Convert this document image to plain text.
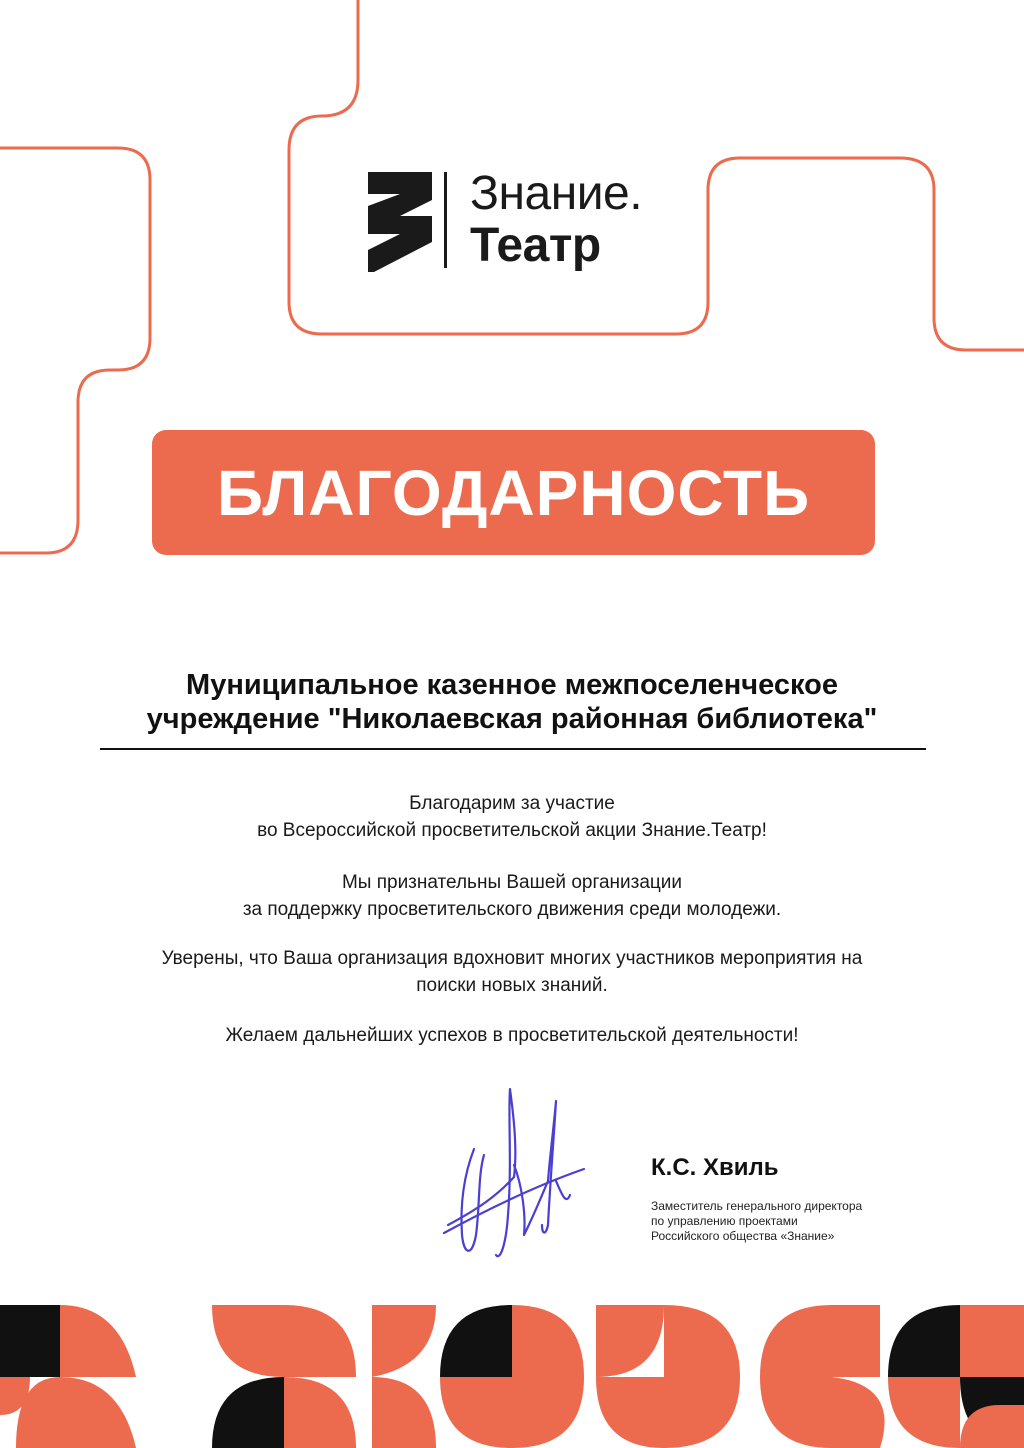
Знание.
Театр
БЛАГОДАРНОСТЬ
Муниципальное казенное межпоселенческое
учреждение "Николаевская районная библиотека"
Благодарим за участие
во Всероссийской просветительской акции Знание.Театр!
Мы признательны Вашей организации
за поддержку просветительского движения среди молодежи.
Уверены, что Ваша организация вдохновит многих участников мероприятия на
поиски новых знаний.
Желаем дальнейших успехов в просветительской деятельности!
К.С. Хвиль
Заместитель генерального директора
по управлению проектами
Российского общества «Знание»
